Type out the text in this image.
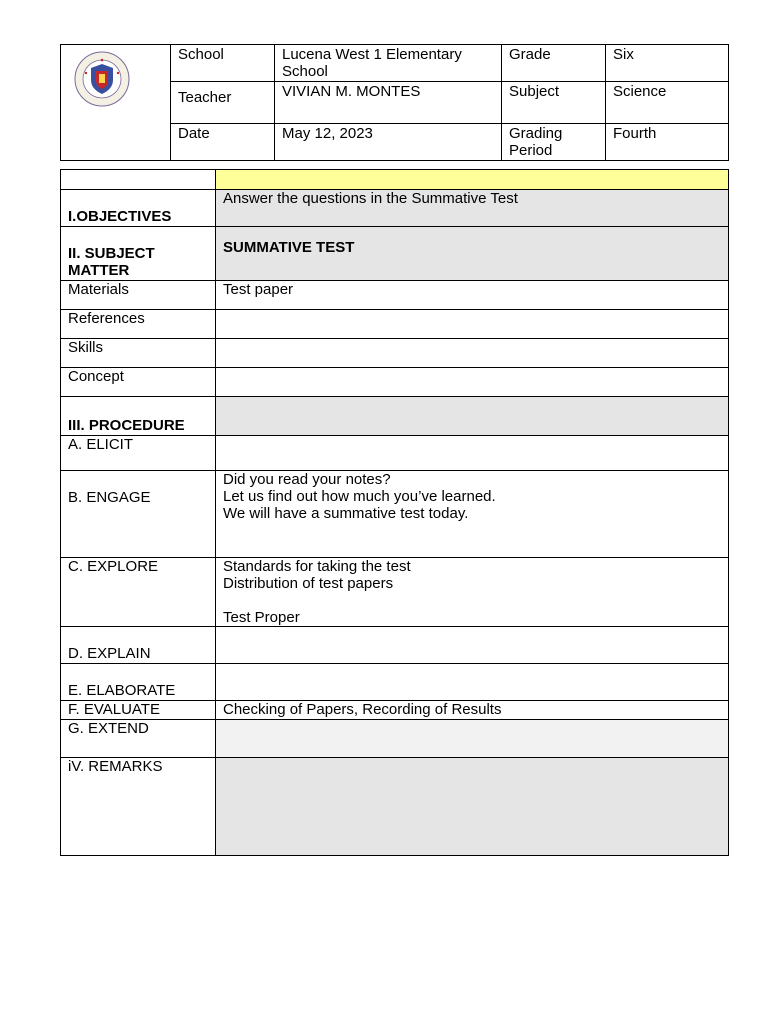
	School	Lucena West 1 Elementary School	Grade	Six
	Teacher	VIVIAN M. MONTES	Subject	Science
	Date	May 12, 2023	Grading Period	Fourth

I.OBJECTIVES	Answer the questions in the Summative Test
II. SUBJECT MATTER	SUMMATIVE TEST
Materials	Test paper
References	
Skills	
Concept	
III. PROCEDURE	
A. ELICIT	
B. ENGAGE	Did you read your notes?
Let us find out how much you’ve learned.
We will have a summative test today.

C. EXPLORE	Standards for taking the test
Distribution of test papers
Test Proper

D. EXPLAIN	
E. ELABORATE	
F. EVALUATE	Checking of Papers, Recording of Results
G. EXTEND	
iV. REMARKS	
